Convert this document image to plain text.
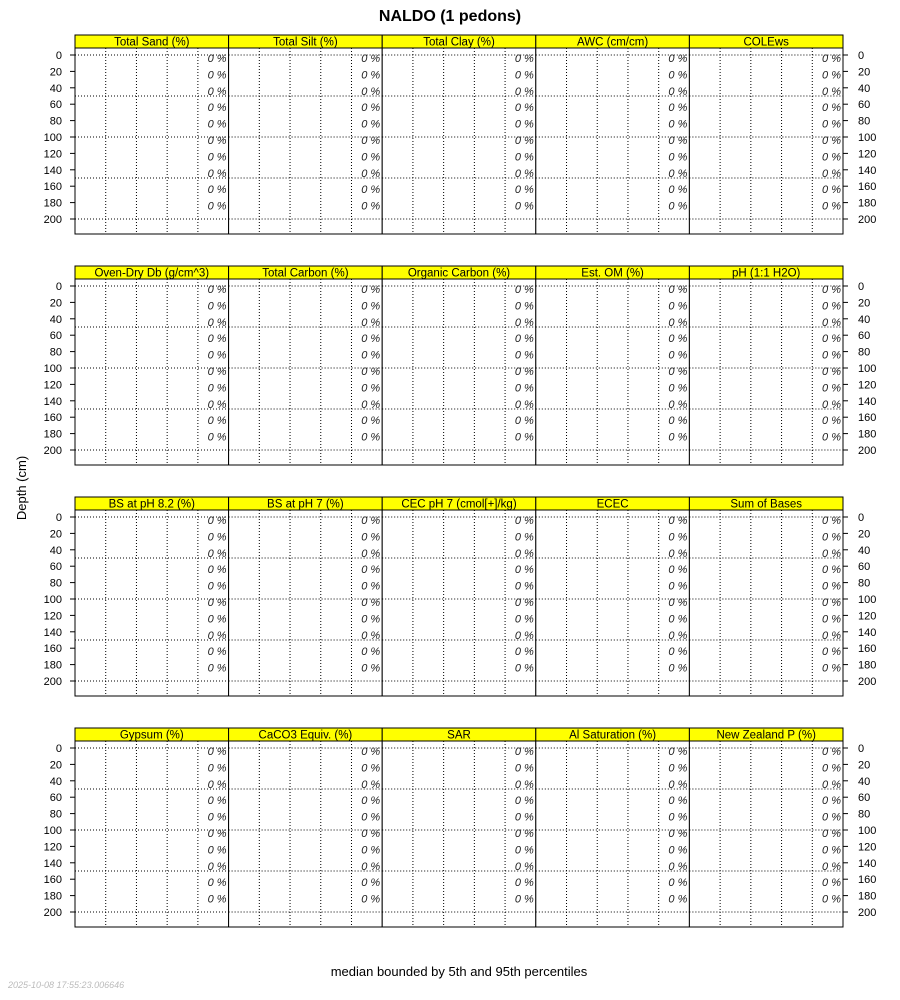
NALDO (1 pedons)
Depth (cm)
median bounded by 5th and 95th percentiles
2025-10-08 17:55:23.006646
0	0
20	20
40	40
60	60
80	80
100	100
120	120
140	140
160	160
180	180
200	200
Total Sand (%)
0 %
0 %
0 %
0 %
0 %
0 %
0 %
0 %
0 %
0 %
Total Silt (%)
0 %
0 %
0 %
0 %
0 %
0 %
0 %
0 %
0 %
0 %
Total Clay (%)
0 %
0 %
0 %
0 %
0 %
0 %
0 %
0 %
0 %
0 %
AWC (cm/cm)
0 %
0 %
0 %
0 %
0 %
0 %
0 %
0 %
0 %
0 %
COLEws
0 %
0 %
0 %
0 %
0 %
0 %
0 %
0 %
0 %
0 %
0	0
20	20
40	40
60	60
80	80
100	100
120	120
140	140
160	160
180	180
200	200
Oven-Dry Db (g/cm^3)
0 %
0 %
0 %
0 %
0 %
0 %
0 %
0 %
0 %
0 %
Total Carbon (%)
0 %
0 %
0 %
0 %
0 %
0 %
0 %
0 %
0 %
0 %
Organic Carbon (%)
0 %
0 %
0 %
0 %
0 %
0 %
0 %
0 %
0 %
0 %
Est. OM (%)
0 %
0 %
0 %
0 %
0 %
0 %
0 %
0 %
0 %
0 %
pH (1:1 H2O)
0 %
0 %
0 %
0 %
0 %
0 %
0 %
0 %
0 %
0 %
0	0
20	20
40	40
60	60
80	80
100	100
120	120
140	140
160	160
180	180
200	200
BS at pH 8.2 (%)
0 %
0 %
0 %
0 %
0 %
0 %
0 %
0 %
0 %
0 %
BS at pH 7 (%)
0 %
0 %
0 %
0 %
0 %
0 %
0 %
0 %
0 %
0 %
CEC pH 7 (cmol[+]/kg)
0 %
0 %
0 %
0 %
0 %
0 %
0 %
0 %
0 %
0 %
ECEC
0 %
0 %
0 %
0 %
0 %
0 %
0 %
0 %
0 %
0 %
Sum of Bases
0 %
0 %
0 %
0 %
0 %
0 %
0 %
0 %
0 %
0 %
0	0
20	20
40	40
60	60
80	80
100	100
120	120
140	140
160	160
180	180
200	200
Gypsum (%)
0 %
0 %
0 %
0 %
0 %
0 %
0 %
0 %
0 %
0 %
CaCO3 Equiv. (%)
0 %
0 %
0 %
0 %
0 %
0 %
0 %
0 %
0 %
0 %
SAR
0 %
0 %
0 %
0 %
0 %
0 %
0 %
0 %
0 %
0 %
Al Saturation (%)
0 %
0 %
0 %
0 %
0 %
0 %
0 %
0 %
0 %
0 %
New Zealand P (%)
0 %
0 %
0 %
0 %
0 %
0 %
0 %
0 %
0 %
0 %
